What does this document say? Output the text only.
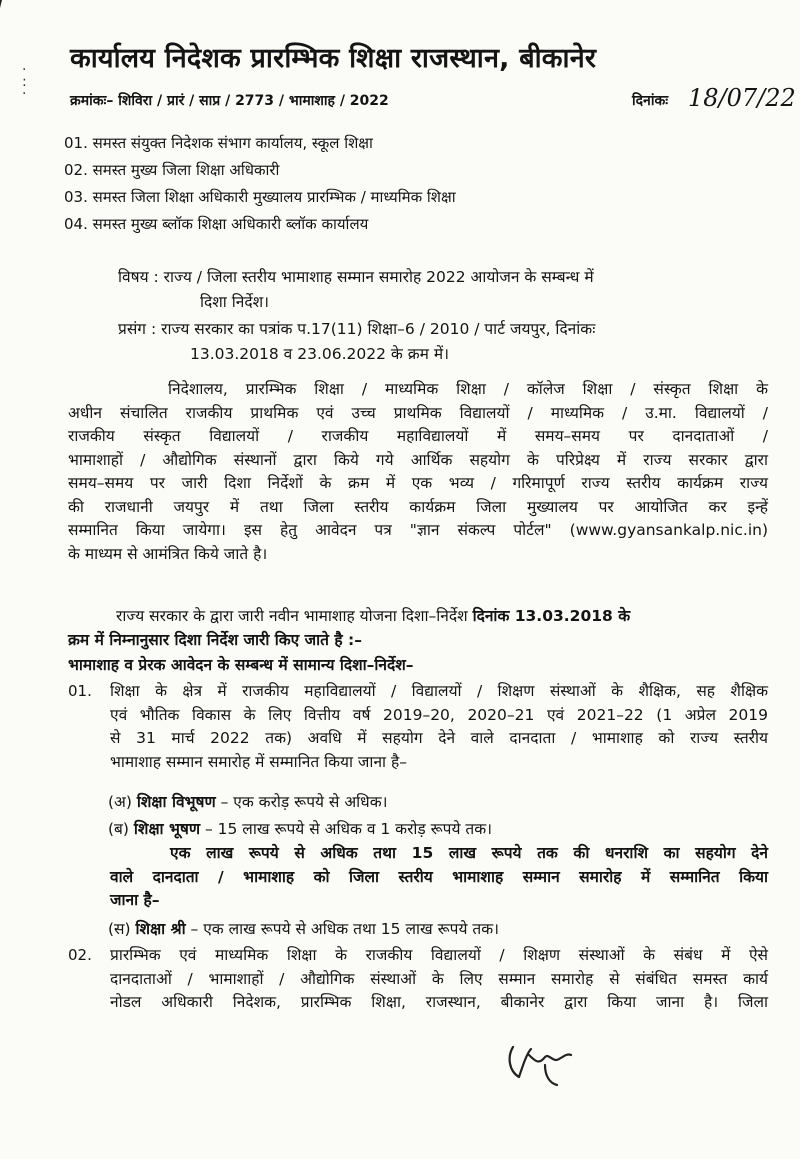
·
:
·
कार्यालय निदेशक प्रारम्भिक शिक्षा राजस्थान, बीकानेर
क्रमांकः– शिविरा / प्रारं / साप्र / 2773 / भामाशाह / 2022	दिनांकः 18/07/22
01. समस्त संयुक्त निदेशक संभाग कार्यालय, स्कूल शिक्षा
02. समस्त मुख्य जिला शिक्षा अधिकारी
03. समस्त जिला शिक्षा अधिकारी मुख्यालय प्रारम्भिक / माध्यमिक शिक्षा
04. समस्त मुख्य ब्लॉक शिक्षा अधिकारी ब्लॉक कार्यालय
विषय : राज्य / जिला स्तरीय भामाशाह सम्मान समारोह 2022 आयोजन के सम्बन्ध में
दिशा निर्देश।
प्रसंग : राज्य सरकार का पत्रांक प.17(11) शिक्षा–6 / 2010 / पार्ट जयपुर, दिनांकः
13.03.2018 व 23.06.2022 के क्रम में।
निदेशालय, प्रारम्भिक शिक्षा / माध्यमिक शिक्षा / कॉलेज शिक्षा / संस्कृत शिक्षा के
अधीन संचालित राजकीय प्राथमिक एवं उच्च प्राथमिक विद्यालयों / माध्यमिक / उ.मा. विद्यालयों /
राजकीय संस्कृत विद्यालयों / राजकीय महाविद्यालयों में समय–समय पर दानदाताओं /
भामाशाहों / औद्योगिक संस्थानों द्वारा किये गये आर्थिक सहयोग के परिप्रेक्ष्य में राज्य सरकार द्वारा
समय–समय पर जारी दिशा निर्देशों के क्रम में एक भव्य / गरिमापूर्ण राज्य स्तरीय कार्यक्रम राज्य
की राजधानी जयपुर में तथा जिला स्तरीय कार्यक्रम जिला मुख्यालय पर आयोजित कर इन्हें
सम्मानित किया जायेगा। इस हेतु आवेदन पत्र "ज्ञान संकल्प पोर्टल" (www.gyansankalp.nic.in)
के माध्यम से आमंत्रित किये जाते है।
राज्य सरकार के द्वारा जारी नवीन भामाशाह योजना दिशा–निर्देश दिनांक 13.03.2018 के
क्रम में निम्नानुसार दिशा निर्देश जारी किए जाते है :–
भामाशाह व प्रेरक आवेदन के सम्बन्ध में सामान्य दिशा–निर्देश–
01. शिक्षा के क्षेत्र में राजकीय महाविद्यालयों / विद्यालयों / शिक्षण संस्थाओं के शैक्षिक, सह शैक्षिक
एवं भौतिक विकास के लिए वित्तीय वर्ष 2019–20, 2020–21 एवं 2021–22 (1 अप्रेल 2019
से 31 मार्च 2022 तक) अवधि में सहयोग देने वाले दानदाता / भामाशाह को राज्य स्तरीय
भामाशाह सम्मान समारोह में सम्मानित किया जाना है–
(अ) शिक्षा विभूषण – एक करोड़ रूपये से अधिक।
(ब) शिक्षा भूषण – 15 लाख रूपये से अधिक व 1 करोड़ रूपये तक।
एक लाख रूपये से अधिक तथा 15 लाख रूपये तक की धनराशि का सहयोग देने
वाले दानदाता / भामाशाह को जिला स्तरीय भामाशाह सम्मान समारोह में सम्मानित किया
जाना है–
(स) शिक्षा श्री – एक लाख रूपये से अधिक तथा 15 लाख रूपये तक।
02. प्रारम्भिक एवं माध्यमिक शिक्षा के राजकीय विद्यालयों / शिक्षण संस्थाओं के संबंध में ऐसे
दानदाताओं / भामाशाहों / औद्योगिक संस्थाओं के लिए सम्मान समारोह से संबंधित समस्त कार्य
नोडल अधिकारी निदेशक, प्रारम्भिक शिक्षा, राजस्थान, बीकानेर द्वारा किया जाना है। जिला
